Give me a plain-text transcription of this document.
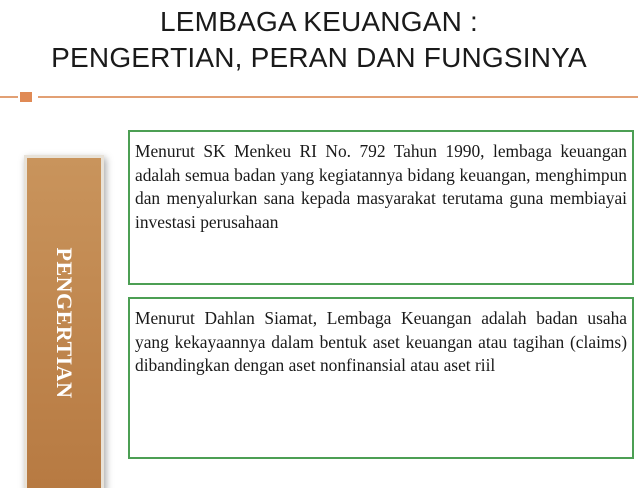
LEMBAGA KEUANGAN :
PENGERTIAN, PERAN DAN FUNGSINYA
PENGERTIAN

Menurut SK Menkeu RI No. 792 Tahun 1990, lembaga keuangan adalah semua badan yang kegiatannya bidang keuangan, menghimpun dan menyalurkan sana kepada masyarakat terutama guna membiayai investasi perusahaan

Menurut Dahlan Siamat, Lembaga Keuangan adalah badan usaha yang kekayaannya dalam bentuk aset keuangan atau tagihan (claims) dibandingkan dengan aset nonfinansial atau aset riil
